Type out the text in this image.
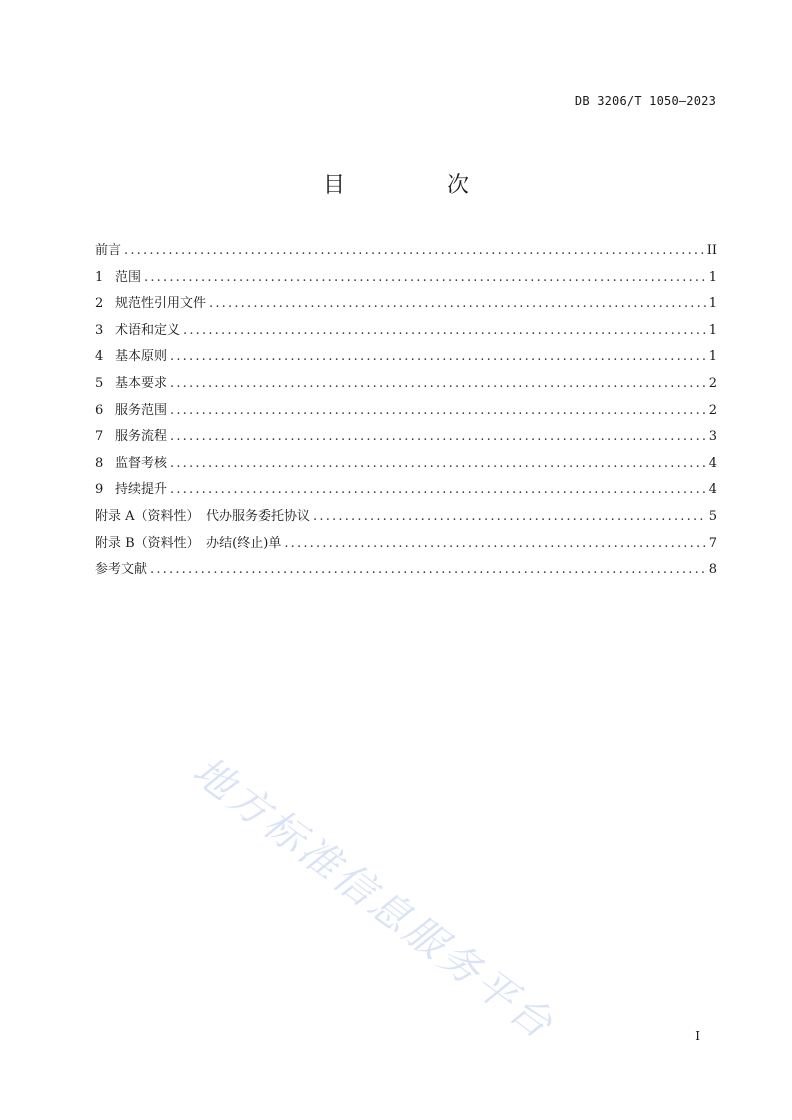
DB 3206/T 1050—2023
目　次
前言 .....	II
1 范围 .....	1
2 规范性引用文件 .....	1
3 术语和定义 .....	1
4 基本原则 .....	1
5 基本要求 .....	2
6 服务范围 .....	2
7 服务流程 .....	3
8 监督考核 .....	4
9 持续提升 .....	4
附录 A（资料性）　代办服务委托协议 .....	5
附录 B（资料性）　办结(终止)单 .....	7
参考文献 .....	8
地方标准信息服务平台	I
